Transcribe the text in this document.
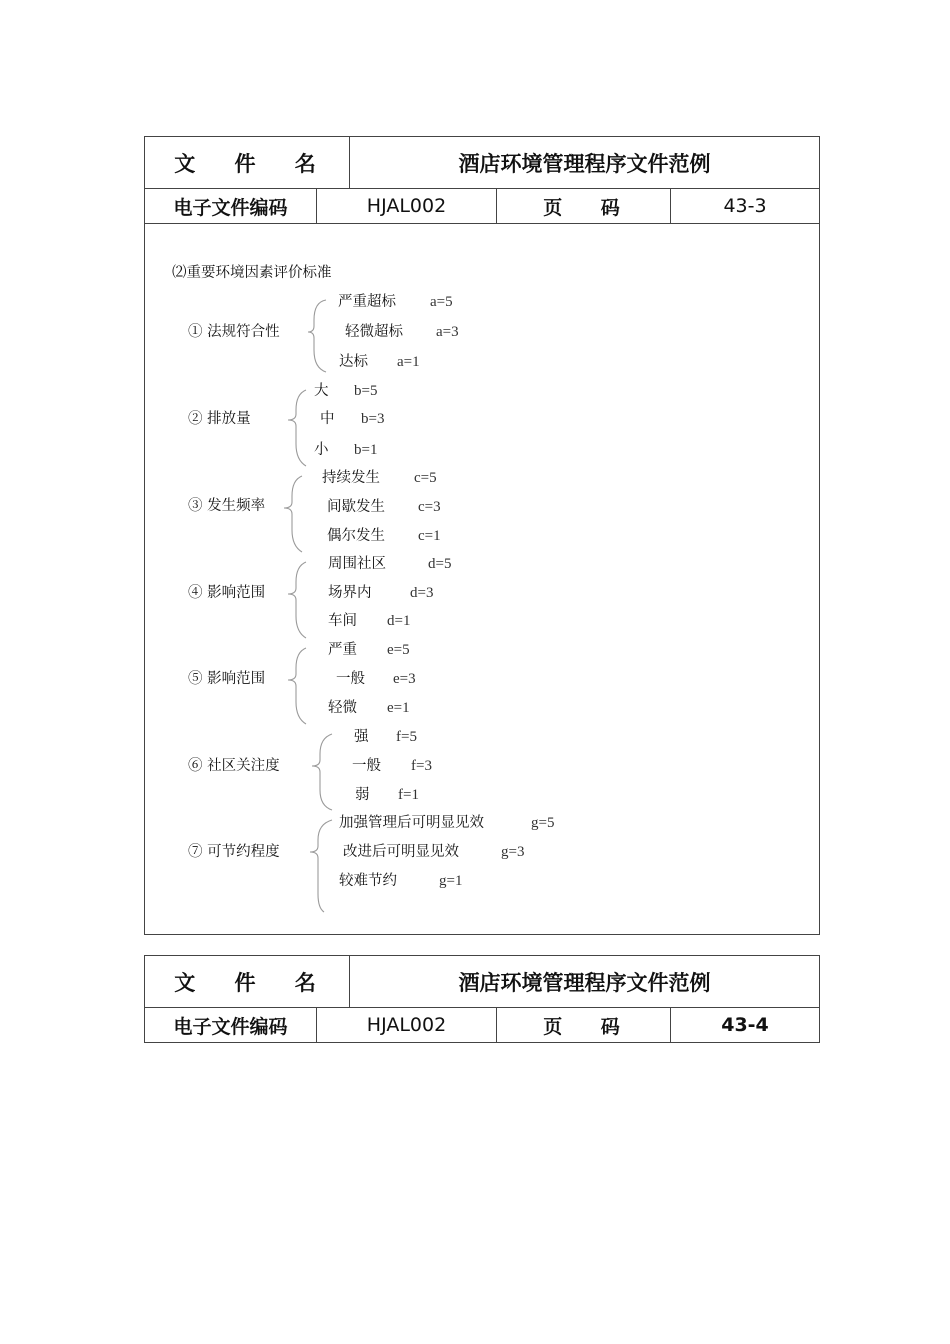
文 件 名		酒店环境管理程序文件范例		
电子文件编码	HJAL002		页 码	43-3
⑵重要环境因素评价标准
① 法规符合性
严重超标 a=5
轻微超标 a=3
达标 a=1
② 排放量
大 b=5
中 b=3
小 b=1
③ 发生频率
持续发生 c=5
间歇发生 c=3
偶尔发生 c=1
④ 影响范围
周围社区	d=5
场界内	d=3
车间 d=1
⑤ 影响范围
严重 e=5
一般 e=3
轻微 e=1
⑥ 社区关注度
强 f=5
一般 f=3
弱 f=1
⑦ 可节约程度
加强管理后可明显见效	g=5
改进后可明显见效	g=3
较难节约	g=1
文 件 名		酒店环境管理程序文件范例		
电子文件编码	HJAL002		页 码	43-4
